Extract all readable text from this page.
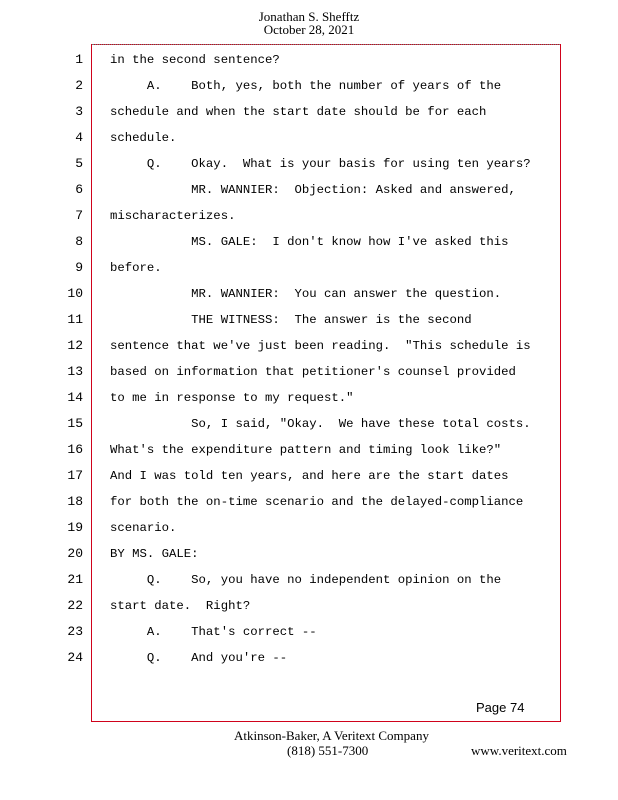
Jonathan S. Shefftz
October 28, 2021
1 in the second sentence?
2 A.    Both, yes, both the number of years of the
3 schedule and when the start date should be for each
4 schedule.
5 Q.    Okay.  What is your basis for using ten years?
6 MR. WANNIER:  Objection: Asked and answered,
7 mischaracterizes.
8 MS. GALE:  I don't know how I've asked this
9 before.
10 MR. WANNIER:  You can answer the question.
11 THE WITNESS:  The answer is the second
12 sentence that we've just been reading.  "This schedule is
13 based on information that petitioner's counsel provided
14 to me in response to my request."
15 So, I said, "Okay.  We have these total costs.
16 What's the expenditure pattern and timing look like?"
17 And I was told ten years, and here are the start dates
18 for both the on-time scenario and the delayed-compliance
19 scenario.
20 BY MS. GALE:
21 Q.    So, you have no independent opinion on the
22 start date.  Right?
23 A.    That's correct --
24 Q.    And you're --
Page 74
Atkinson-Baker, A Veritext Company
(818) 551-7300	www.veritext.com
